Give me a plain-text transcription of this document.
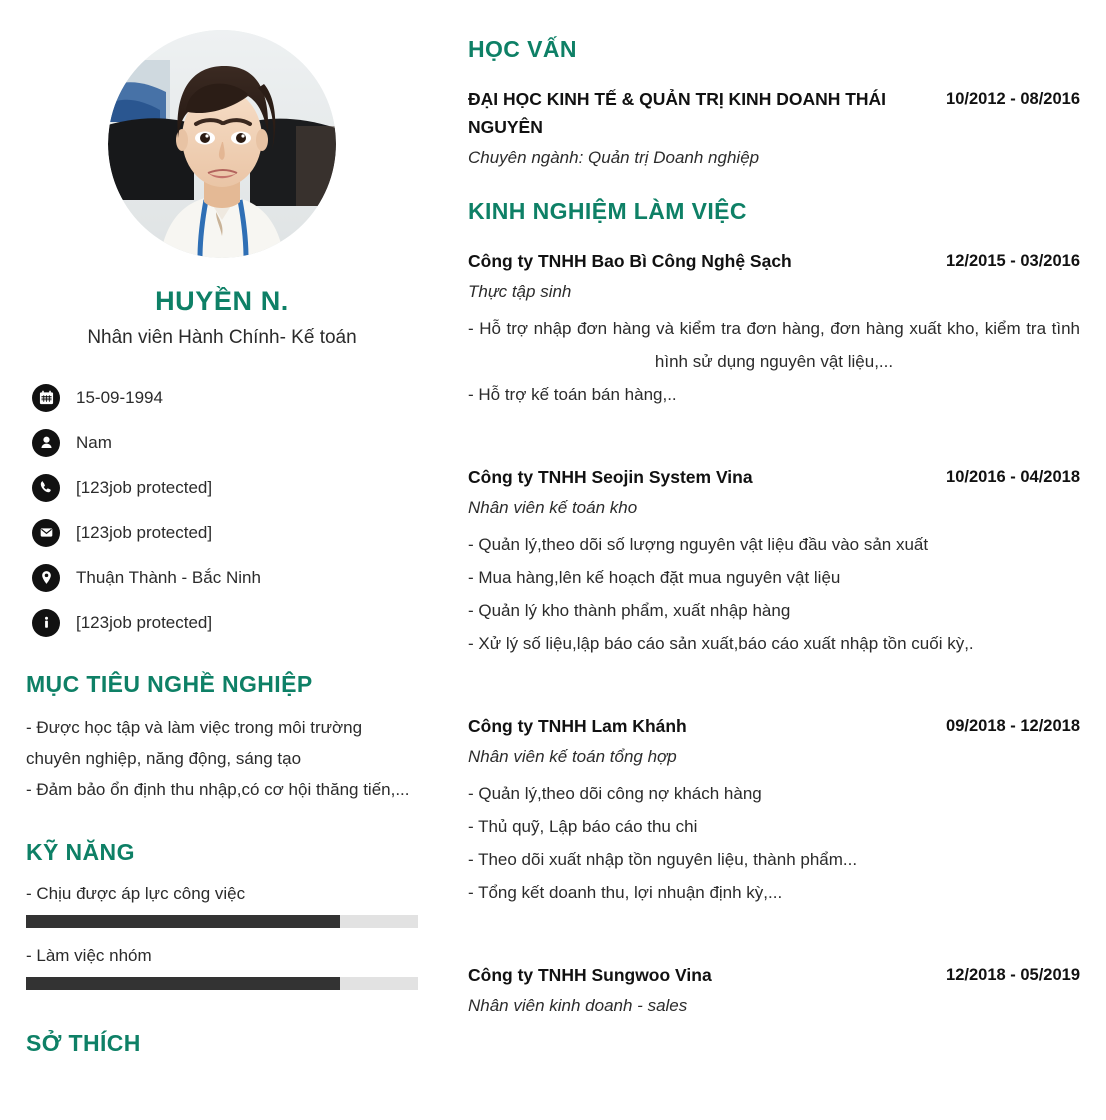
HUYỀN N.
Nhân viên Hành Chính- Kế toán
15-09-1994
Nam
[123job protected]
[123job protected]
Thuận Thành - Bắc Ninh
[123job protected]
MỤC TIÊU NGHỀ NGHIỆP
- Được học tập và làm việc trong môi trường chuyên nghiệp, năng động, sáng tạo
- Đảm bảo ổn định thu nhập,có cơ hội thăng tiến,...
KỸ NĂNG
- Chịu được áp lực công việc
- Làm việc nhóm
SỞ THÍCH
HỌC VẤN
ĐẠI HỌC KINH TẾ & QUẢN TRỊ KINH DOANH THÁI NGUYÊN
10/2012 - 08/2016
Chuyên ngành: Quản trị Doanh nghiệp
KINH NGHIỆM LÀM VIỆC
Công ty TNHH Bao Bì Công Nghệ Sạch	12/2015 - 03/2016
Thực tập sinh
- Hỗ trợ nhập đơn hàng và kiểm tra đơn hàng, đơn hàng xuất kho, kiểm tra tình hình sử dụng nguyên vật liệu,...
- Hỗ trợ kế toán bán hàng,..
Công ty TNHH Seojin System Vina	10/2016 - 04/2018
Nhân viên kế toán kho
- Quản lý,theo dõi số lượng nguyên vật liệu đầu vào sản xuất
- Mua hàng,lên kế hoạch đặt mua nguyên vật liệu
- Quản lý kho thành phẩm, xuất nhập hàng
- Xử lý số liệu,lập báo cáo sản xuất,báo cáo xuất nhập tồn cuối kỳ,.
Công ty TNHH Lam Khánh	09/2018 - 12/2018
Nhân viên kế toán tổng hợp
- Quản lý,theo dõi công nợ khách hàng
- Thủ quỹ, Lập báo cáo thu chi
- Theo dõi xuất nhập tồn nguyên liệu, thành phẩm...
- Tổng kết doanh thu, lợi nhuận định kỳ,...
Công ty TNHH Sungwoo Vina	12/2018 - 05/2019
Nhân viên kinh doanh - sales
